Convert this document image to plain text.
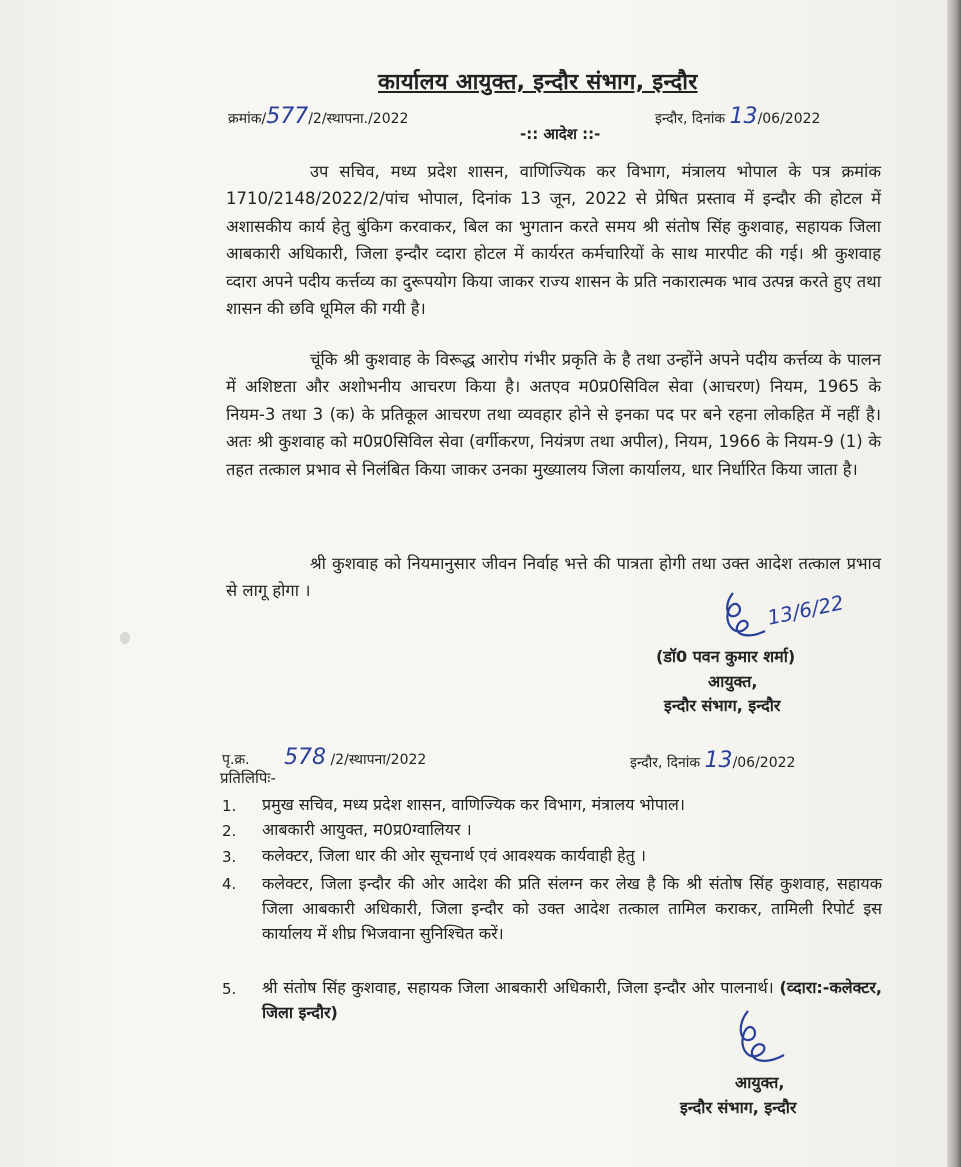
कार्यालय आयुक्त, इन्दौर संभाग, इन्दौर
क्रमांक/577/2/स्थापना./2022	इन्दौर, दिनांक 13/06/2022
-:: आदेश ::-
उप सचिव, मध्य प्रदेश शासन, वाणिज्यिक कर विभाग, मंत्रालय भोपाल के पत्र क्रमांक 1710/2148/2022/2/पांच भोपाल, दिनांक 13 जून, 2022 से प्रेषित प्रस्ताव में इन्दौर की होटल में अशासकीय कार्य हेतु बुंकिग करवाकर, बिल का भुगतान करते समय श्री संतोष सिंह कुशवाह, सहायक जिला आबकारी अधिकारी, जिला इन्दौर व्दारा होटल में कार्यरत कर्मचारियों के साथ मारपीट की गई। श्री कुशवाह व्दारा अपने पदीय कर्त्तव्य का दुरूपयोग किया जाकर राज्य शासन के प्रति नकारात्मक भाव उत्पन्न करते हुए तथा शासन की छवि धूमिल की गयी है।
चूंकि श्री कुशवाह के विरूद्ध आरोप गंभीर प्रकृति के है तथा उन्होंने अपने पदीय कर्त्तव्य के पालन में अशिष्टता और अशोभनीय आचरण किया है। अतएव म0प्र0सिविल सेवा (आचरण) नियम, 1965 के नियम-3 तथा 3 (क) के प्रतिकूल आचरण तथा व्यवहार होने से इनका पद पर बने रहना लोकहित में नहीं है। अतः श्री कुशवाह को म0प्र0सिविल सेवा (वर्गीकरण, नियंत्रण तथा अपील), नियम, 1966 के नियम-9 (1) के तहत तत्काल प्रभाव से निलंबित किया जाकर उनका मुख्यालय जिला कार्यालय, धार निर्धारित किया जाता है।
श्री कुशवाह को नियमानुसार जीवन निर्वाह भत्ते की पात्रता होगी तथा उक्त आदेश तत्काल प्रभाव से लागू होगा ।	13/6/22
(डॉ0 पवन कुमार शर्मा)
आयुक्त,
इन्दौर संभाग, इन्दौर
पृ.क्र. 578 /2/स्थापना/2022	इन्दौर, दिनांक 13/06/2022
प्रतिलिपिः-
1. प्रमुख सचिव, मध्य प्रदेश शासन, वाणिज्यिक कर विभाग, मंत्रालय भोपाल।
2. आबकारी आयुक्त, म0प्र0ग्वालियर ।
3. कलेक्टर, जिला धार की ओर सूचनार्थ एवं आवश्यक कार्यवाही हेतु ।
4. कलेक्टर, जिला इन्दौर की ओर आदेश की प्रति संलग्न कर लेख है कि श्री संतोष सिंह कुशवाह, सहायक जिला आबकारी अधिकारी, जिला इन्दौर को उक्त आदेश तत्काल तामिल कराकर, तामिली रिपोर्ट इस कार्यालय में शीघ्र भिजवाना सुनिश्चित करें।
5. श्री संतोष सिंह कुशवाह, सहायक जिला आबकारी अधिकारी, जिला इन्दौर ओर पालनार्थ। (व्दारा:-कलेक्टर, जिला इन्दौर)
आयुक्त,
इन्दौर संभाग, इन्दौर
